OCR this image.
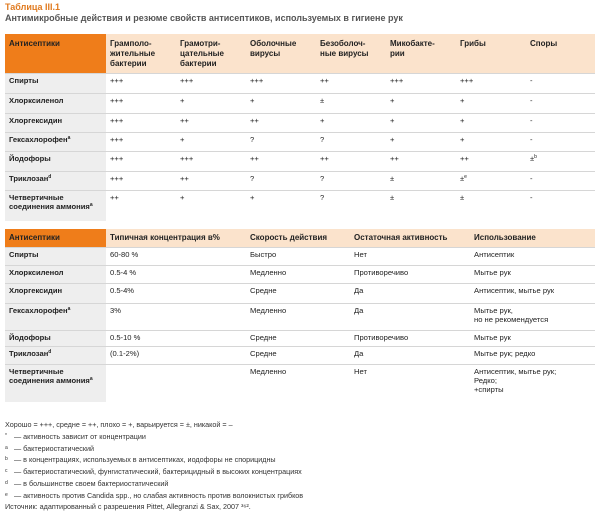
Таблица III.1
Антимикробные действия и резюме свойств антисептиков, используемых в гигиене рук
Антисептики	Грамполо-
жительные
бактерии	Грамотри-
цательные
бактерии	Оболочные
вирусы	Безоболоч-
ные вирусы	Микобакте-
рии	Грибы	Споры
Спирты	+++	+++	+++	++	+++	+++	-
Хлорксиленол	+++	+	+	±	+	+	-
Хлоргексидин	+++	++	++	+	+	+	-
Гексахлорофен$^a$	+++	+	?	?	+	+	-
Йодофоры	+++	+++	++	++	++	++	±$^b$
Триклозан$^d$	+++	++	?	?	±	±$^e$	-
Четвертичные
соединения аммония$^a$	++	+	+	?	±	±	-
Антисептики	Типичная концентрация в%	Скорость действия	Остаточная активность	Использование
Спирты	60-80 %	Быстро	Нет	Антисептик
Хлорксиленол	0.5-4 %	Медленно	Противоречиво	Мытье рук
Хлоргексидин	0.5-4%	Средне	Да	Антисептик, мытье рук
Гексахлорофен$^a$	3%	Медленно	Да	Мытье рук,
но не рекомендуется
Йодофоры	0.5-10 %	Средне	Противоречиво	Мытье рук
Триклозан$^d$	(0.1-2%)	Средне	Да	Мытье рук; редко
Четвертичные
соединения аммония$^a$		Медленно	Нет	Антисептик, мытье рук;
Редко;
+спирты
Хорошо = +++, средне = ++, плохо = +, варьируется = ±, никакой = –
* — активность зависит от концентрации
a — бактериостатический
b — в концентрациях, используемых в антисептиках, иодофоры не спорицидны
c — бактериостатический, фунгистатический, бактерицидный в высоких концентрациях
d — в большинстве своем бактериостатический
e — активность против Candida spp., но слабая активность против волокнистых грибков
Источник: адаптированный с разрешения Pittet, Allegranzi & Sax, 2007 ³⁶².
